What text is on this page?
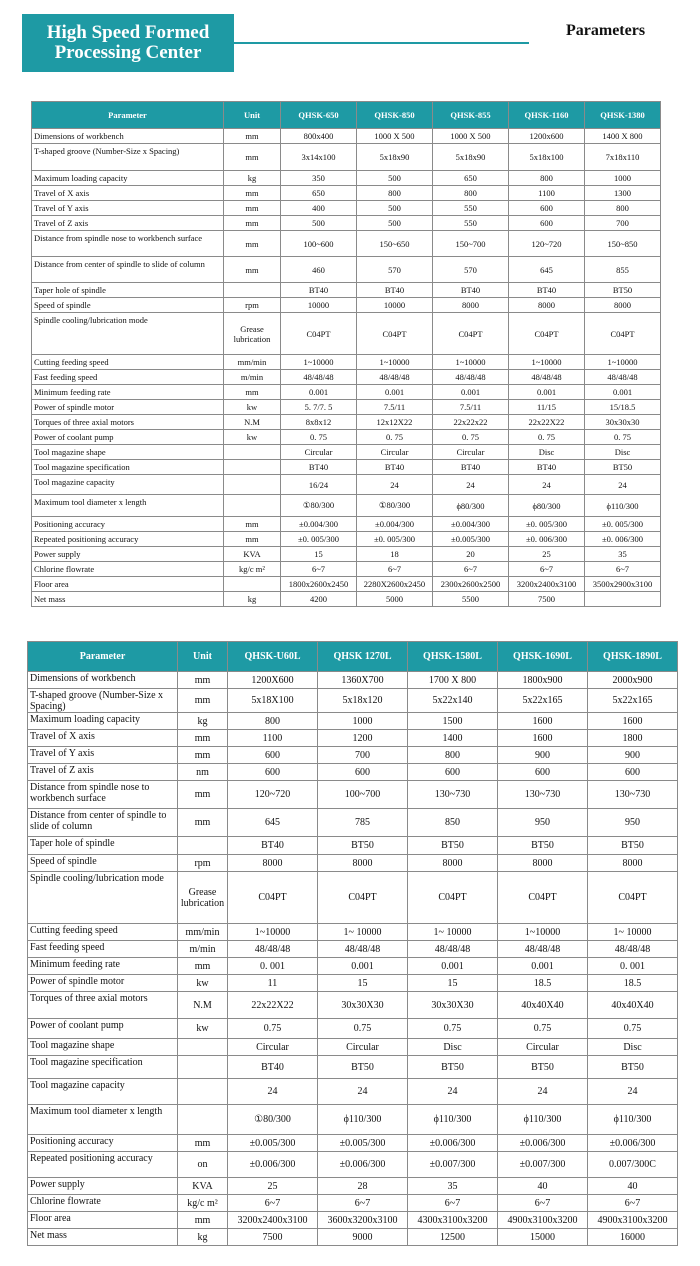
High Speed Formed
Processing Center
Parameters
Parameter	Unit	QHSK-650	QHSK-850	QHSK-855	QHSK-1160	QHSK-1380
Dimensions of workbench	mm	800x400	1000 X 500	1000 X 500	1200x600	1400 X 800
T-shaped groove (Number-Size x Spacing)	mm	3x14x100	5x18x90	5x18x90	5x18x100	7x18x110
Maximum loading capacity	kg	350	500	650	800	1000
Travel of X axis	mm	650	800	800	1100	1300
Travel of Y axis	mm	400	500	550	600	800
Travel of Z axis	mm	500	500	550	600	700
Distance from spindle nose to workbench surface	mm	100~600	150~650	150~700	120~720	150~850
Distance from center of spindle to slide of column	mm	460	570	570	645	855
Taper hole of spindle		BT40	BT40	BT40	BT40	BT50
Speed of spindle	rpm	10000	10000	8000	8000	8000
Spindle cooling/lubrication mode	Grease lubrication	C04PT	C04PT	C04PT	C04PT	C04PT
Cutting feeding speed	mm/min	1~10000	1~10000	1~10000	1~10000	1~10000
Fast feeding speed	m/min	48/48/48	48/48/48	48/48/48	48/48/48	48/48/48
Minimum feeding rate	mm	0.001	0.001	0.001	0.001	0.001
Power of spindle motor	kw	5. 7/7. 5	7.5/11	7.5/11	11/15	15/18.5
Torques of three axial motors	N.M	8x8x12	12x12X22	22x22x22	22x22X22	30x30x30
Power of coolant pump	kw	0. 75	0. 75	0. 75	0. 75	0. 75
Tool magazine shape		Circular	Circular	Circular	Disc	Disc
Tool magazine specification		BT40	BT40	BT40	BT40	BT50
Tool magazine capacity		16/24	24	24	24	24
Maximum tool diameter x length		①80/300	①80/300	ϕ80/300	ϕ80/300	ϕ110/300
Positioning accuracy	mm	±0.004/300	±0.004/300	±0.004/300	±0. 005/300	±0. 005/300
Repeated positioning accuracy	mm	±0. 005/300	±0. 005/300	±0.005/300	±0. 006/300	±0. 006/300
Power supply	KVA	15	18	20	25	35
Chlorine flowrate	kg/c m²	6~7	6~7	6~7	6~7	6~7
Floor area		1800x2600x2450	2280X2600x2450	2300x2600x2500	3200x2400x3100	3500x2900x3100
Net mass	kg	4200	5000	5500	7500	
Parameter	Unit	QHSK-U60L	QHSK 1270L	QHSK-1580L	QHSK-1690L	QHSK-1890L
Dimensions of workbench	mm	1200X600	1360X700	1700 X 800	1800x900	2000x900
T-shaped groove (Number-Size x Spacing)	mm	5x18X100	5x18x120	5x22x140	5x22x165	5x22x165
Maximum loading capacity	kg	800	1000	1500	1600	1600
Travel of X axis	mm	1100	1200	1400	1600	1800
Travel of Y axis	mm	600	700	800	900	900
Travel of Z axis	nm	600	600	600	600	600
Distance from spindle nose to workbench surface	mm	120~720	100~700	130~730	130~730	130~730
Distance from center of spindle to slide of column	mm	645	785	850	950	950
Taper hole of spindle		BT40	BT50	BT50	BT50	BT50
Speed of spindle	rpm	8000	8000	8000	8000	8000
Spindle cooling/lubrication mode	Grease lubrication	C04PT	C04PT	C04PT	C04PT	C04PT
Cutting feeding speed	mm/min	1~10000	1~ 10000	1~ 10000	1~10000	1~ 10000
Fast feeding speed	m/min	48/48/48	48/48/48	48/48/48	48/48/48	48/48/48
Minimum feeding rate	mm	0. 001	0.001	0.001	0.001	0. 001
Power of spindle motor	kw	11	15	15	18.5	18.5
Torques of three axial motors	N.M	22x22X22	30x30X30	30x30X30	40x40X40	40x40X40
Power of coolant pump	kw	0.75	0.75	0.75	0.75	0.75
Tool magazine shape		Circular	Circular	Disc	Circular	Disc
Tool magazine specification		BT40	BT50	BT50	BT50	BT50
Tool magazine capacity		24	24	24	24	24
Maximum tool diameter x length		①80/300	ϕ110/300	ϕ110/300	ϕ110/300	ϕ110/300
Positioning accuracy	mm	±0.005/300	±0.005/300	±0.006/300	±0.006/300	±0.006/300
Repeated positioning accuracy	on	±0.006/300	±0.006/300	±0.007/300	±0.007/300	0.007/300C
Power supply	KVA	25	28	35	40	40
Chlorine flowrate	kg/c m²	6~7	6~7	6~7	6~7	6~7
Floor area	mm	3200x2400x3100	3600x3200x3100	4300x3100x3200	4900x3100x3200	4900x3100x3200
Net mass	kg	7500	9000	12500	15000	16000
